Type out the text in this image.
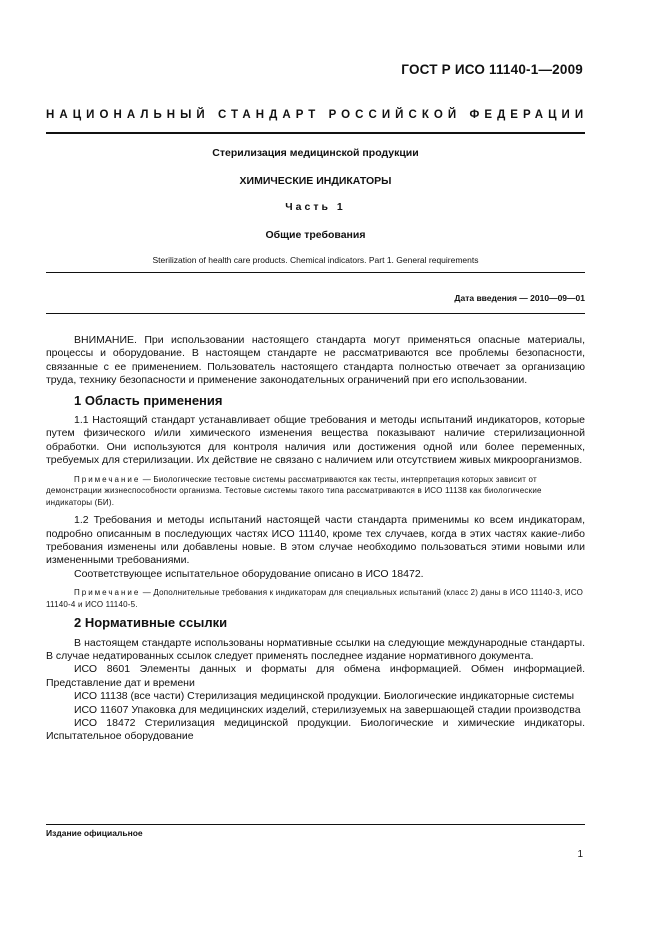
ГОСТ Р ИСО 11140-1—2009
НАЦИОНАЛЬНЫЙ СТАНДАРТ РОССИЙСКОЙ ФЕДЕРАЦИИ
Стерилизация медицинской продукции
ХИМИЧЕСКИЕ ИНДИКАТОРЫ
Часть 1
Общие требования
Sterilization of health care products. Chemical indicators. Part 1. General requirements
Дата введения — 2010—09—01

ВНИМАНИЕ. При использовании настоящего стандарта могут применяться опасные материалы, процессы и оборудование. В настоящем стандарте не рассматриваются все проблемы безопасности, связанные с ее применением. Пользователь настоящего стандарта полностью отвечает за организацию труда, технику безопасности и применение законодательных ограничений при его использовании.

1 Область применения

1.1 Настоящий стандарт устанавливает общие требования и методы испытаний индикаторов, которые путем физического и/или химического изменения вещества показывают наличие стерилизационной обработки. Они используются для контроля наличия или достижения одной или более переменных, требуемых для стерилизации. Их действие не связано с наличием или отсутствием живых микроорганизмов.

Примечание — Биологические тестовые системы рассматриваются как тесты, интерпретация которых зависит от демонстрации жизнеспособности организма. Тестовые системы такого типа рассматриваются в ИСО 11138 как биологические индикаторы (БИ).

1.2 Требования и методы испытаний настоящей части стандарта применимы ко всем индикаторам, подробно описанным в последующих частях ИСО 11140, кроме тех случаев, когда в этих частях какие-либо требования изменены или добавлены новые. В этом случае необходимо пользоваться этими новыми или измененными требованиями.

Соответствующее испытательное оборудование описано в ИСО 18472.

Примечание — Дополнительные требования к индикаторам для специальных испытаний (класс 2) даны в ИСО 11140-3, ИСО 11140-4 и ИСО 11140-5.
2 Нормативные ссылки

В настоящем стандарте использованы нормативные ссылки на следующие международные стандарты. В случае недатированных ссылок следует применять последнее издание нормативного документа.

ИСО 8601 Элементы данных и форматы для обмена информацией. Обмен информацией. Представление дат и времени

ИСО 11138 (все части) Стерилизация медицинской продукции. Биологические индикаторные системы

ИСО 11607 Упаковка для медицинских изделий, стерилизуемых на завершающей стадии производства

ИСО 18472 Стерилизация медицинской продукции. Биологические и химические индикаторы. Испытательное оборудование

Издание официальное
1
